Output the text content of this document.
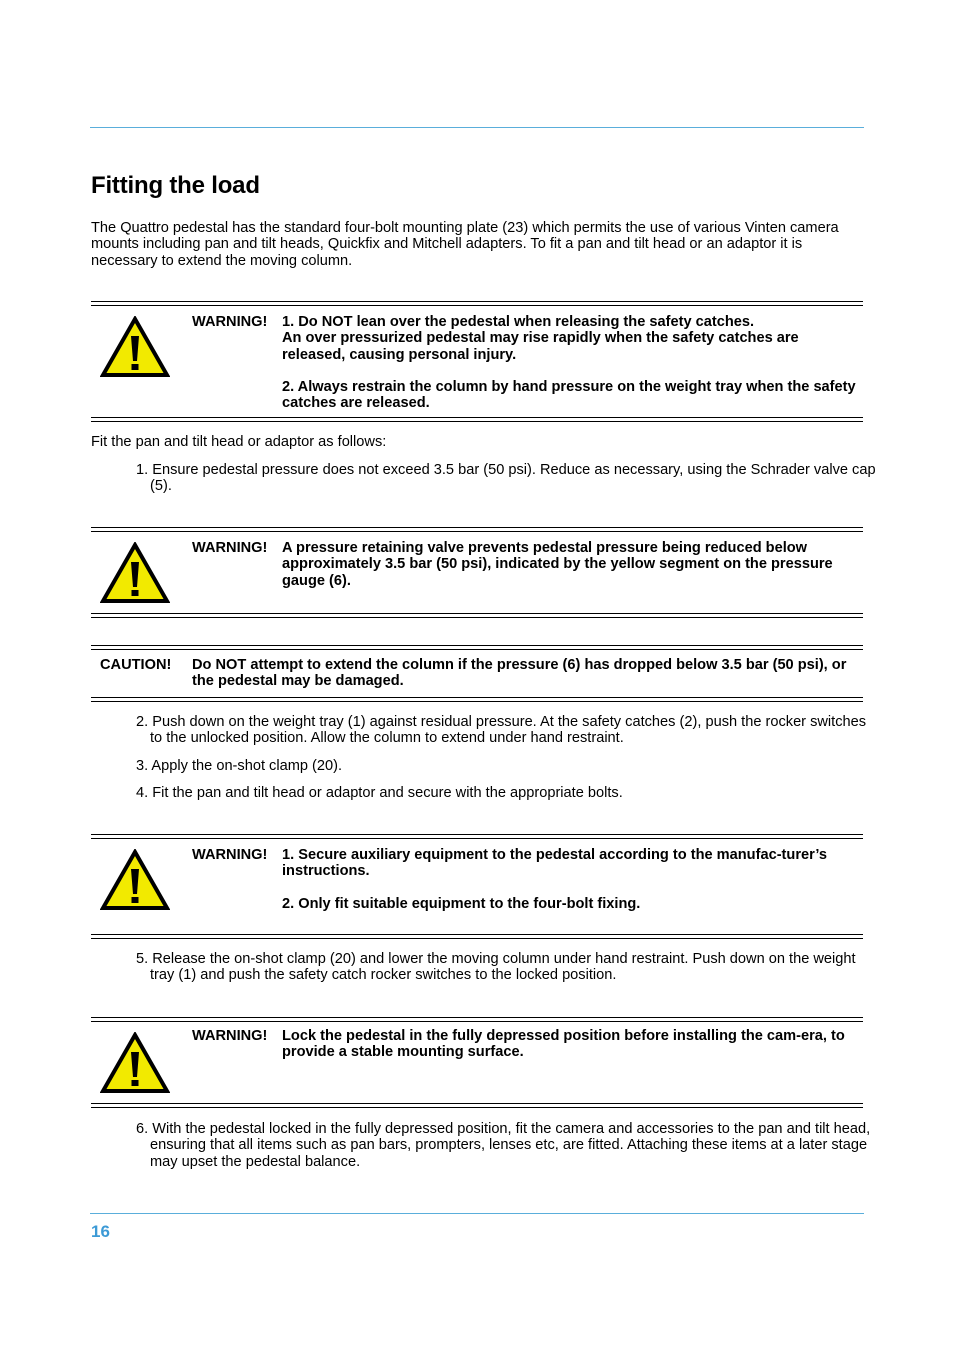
Fitting the load
The Quattro pedestal has the standard four-bolt mounting plate (23) which permits the use of various Vinten camera mounts including pan and tilt heads, Quickfix and Mitchell adapters. To fit a pan and tilt head or an adaptor it is necessary to extend the moving column.
WARNING! 1. Do NOT lean over the pedestal when releasing the safety catches.
An over pressurized pedestal may rise rapidly when the safety catches are released, causing personal injury.

2. Always restrain the column by hand pressure on the weight tray when the safety catches are released.

Fit the pan and tilt head or adaptor as follows:
1. Ensure pedestal pressure does not exceed 3.5 bar (50 psi). Reduce as necessary, using the Schrader valve cap (5).
WARNING! A pressure retaining valve prevents pedestal pressure being reduced below approximately 3.5 bar (50 psi), indicated by the yellow segment on the pressure gauge (6).
CAUTION! Do NOT attempt to extend the column if the pressure (6) has dropped below 3.5 bar (50 psi), or the pedestal may be damaged.
2. Push down on the weight tray (1) against residual pressure. At the safety catches (2), push the rocker switches to the unlocked position. Allow the column to extend under hand restraint.
3. Apply the on-shot clamp (20).
4. Fit the pan and tilt head or adaptor and secure with the appropriate bolts.
WARNING! 1. Secure auxiliary equipment to the pedestal according to the manufac-turer’s instructions.

2. Only fit suitable equipment to the four-bolt fixing.

5. Release the on-shot clamp (20) and lower the moving column under hand restraint. Push down on the weight tray (1) and push the safety catch rocker switches to the locked position.
WARNING! Lock the pedestal in the fully depressed position before installing the cam-era, to provide a stable mounting surface.
6. With the pedestal locked in the fully depressed position, fit the camera and accessories to the pan and tilt head, ensuring that all items such as pan bars, prompters, lenses etc, are fitted. Attaching these items at a later stage may upset the pedestal balance.
16
